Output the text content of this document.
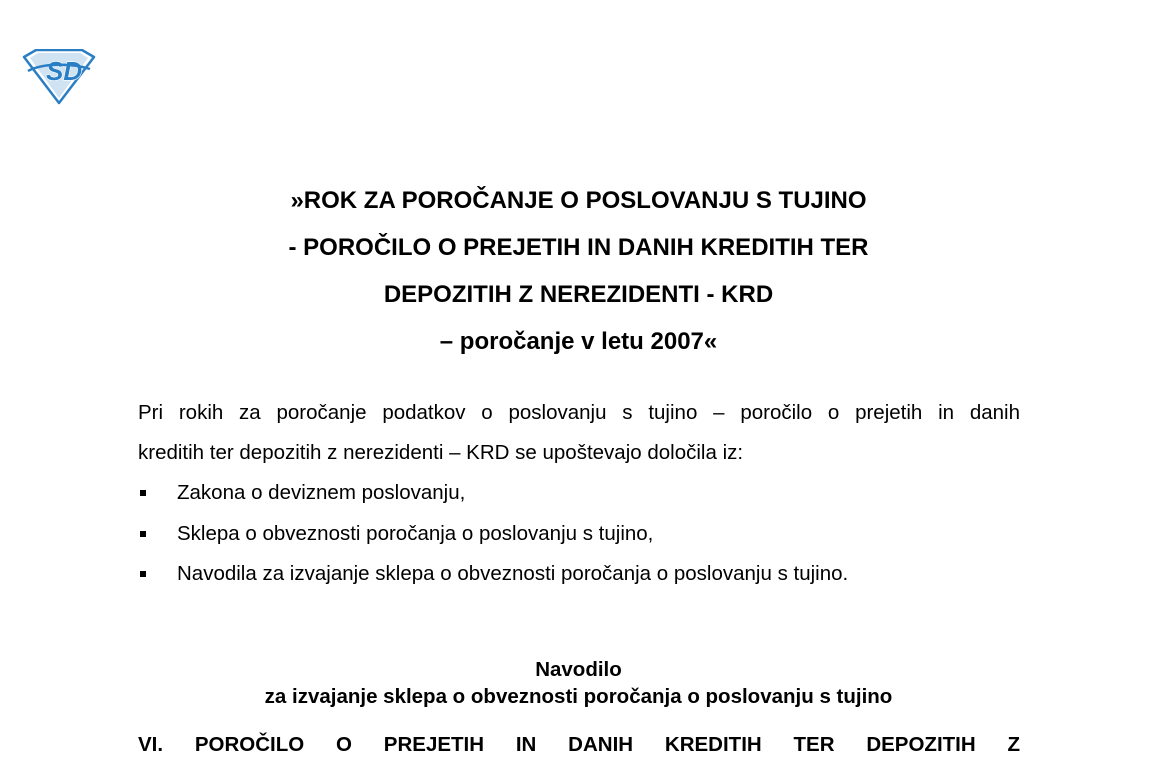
SD
»ROK ZA POROČANJE O POSLOVANJU S TUJINO
- POROČILO O PREJETIH IN DANIH KREDITIH TER
DEPOZITIH Z NEREZIDENTI - KRD
– poročanje v letu 2007«
Pri rokih za poročanje podatkov o poslovanju s tujino – poročilo o prejetih in danih
kreditih ter depozitih z nerezidenti – KRD se upoštevajo določila iz:
Zakona o deviznem poslovanju,
Sklepa o obveznosti poročanja o poslovanju s tujino,
Navodila za izvajanje sklepa o obveznosti poročanja o poslovanju s tujino.
Navodilo
za izvajanje sklepa o obveznosti poročanja o poslovanju s tujino
VI. POROČILO O PREJETIH IN DANIH KREDITIH TER DEPOZITIH Z
